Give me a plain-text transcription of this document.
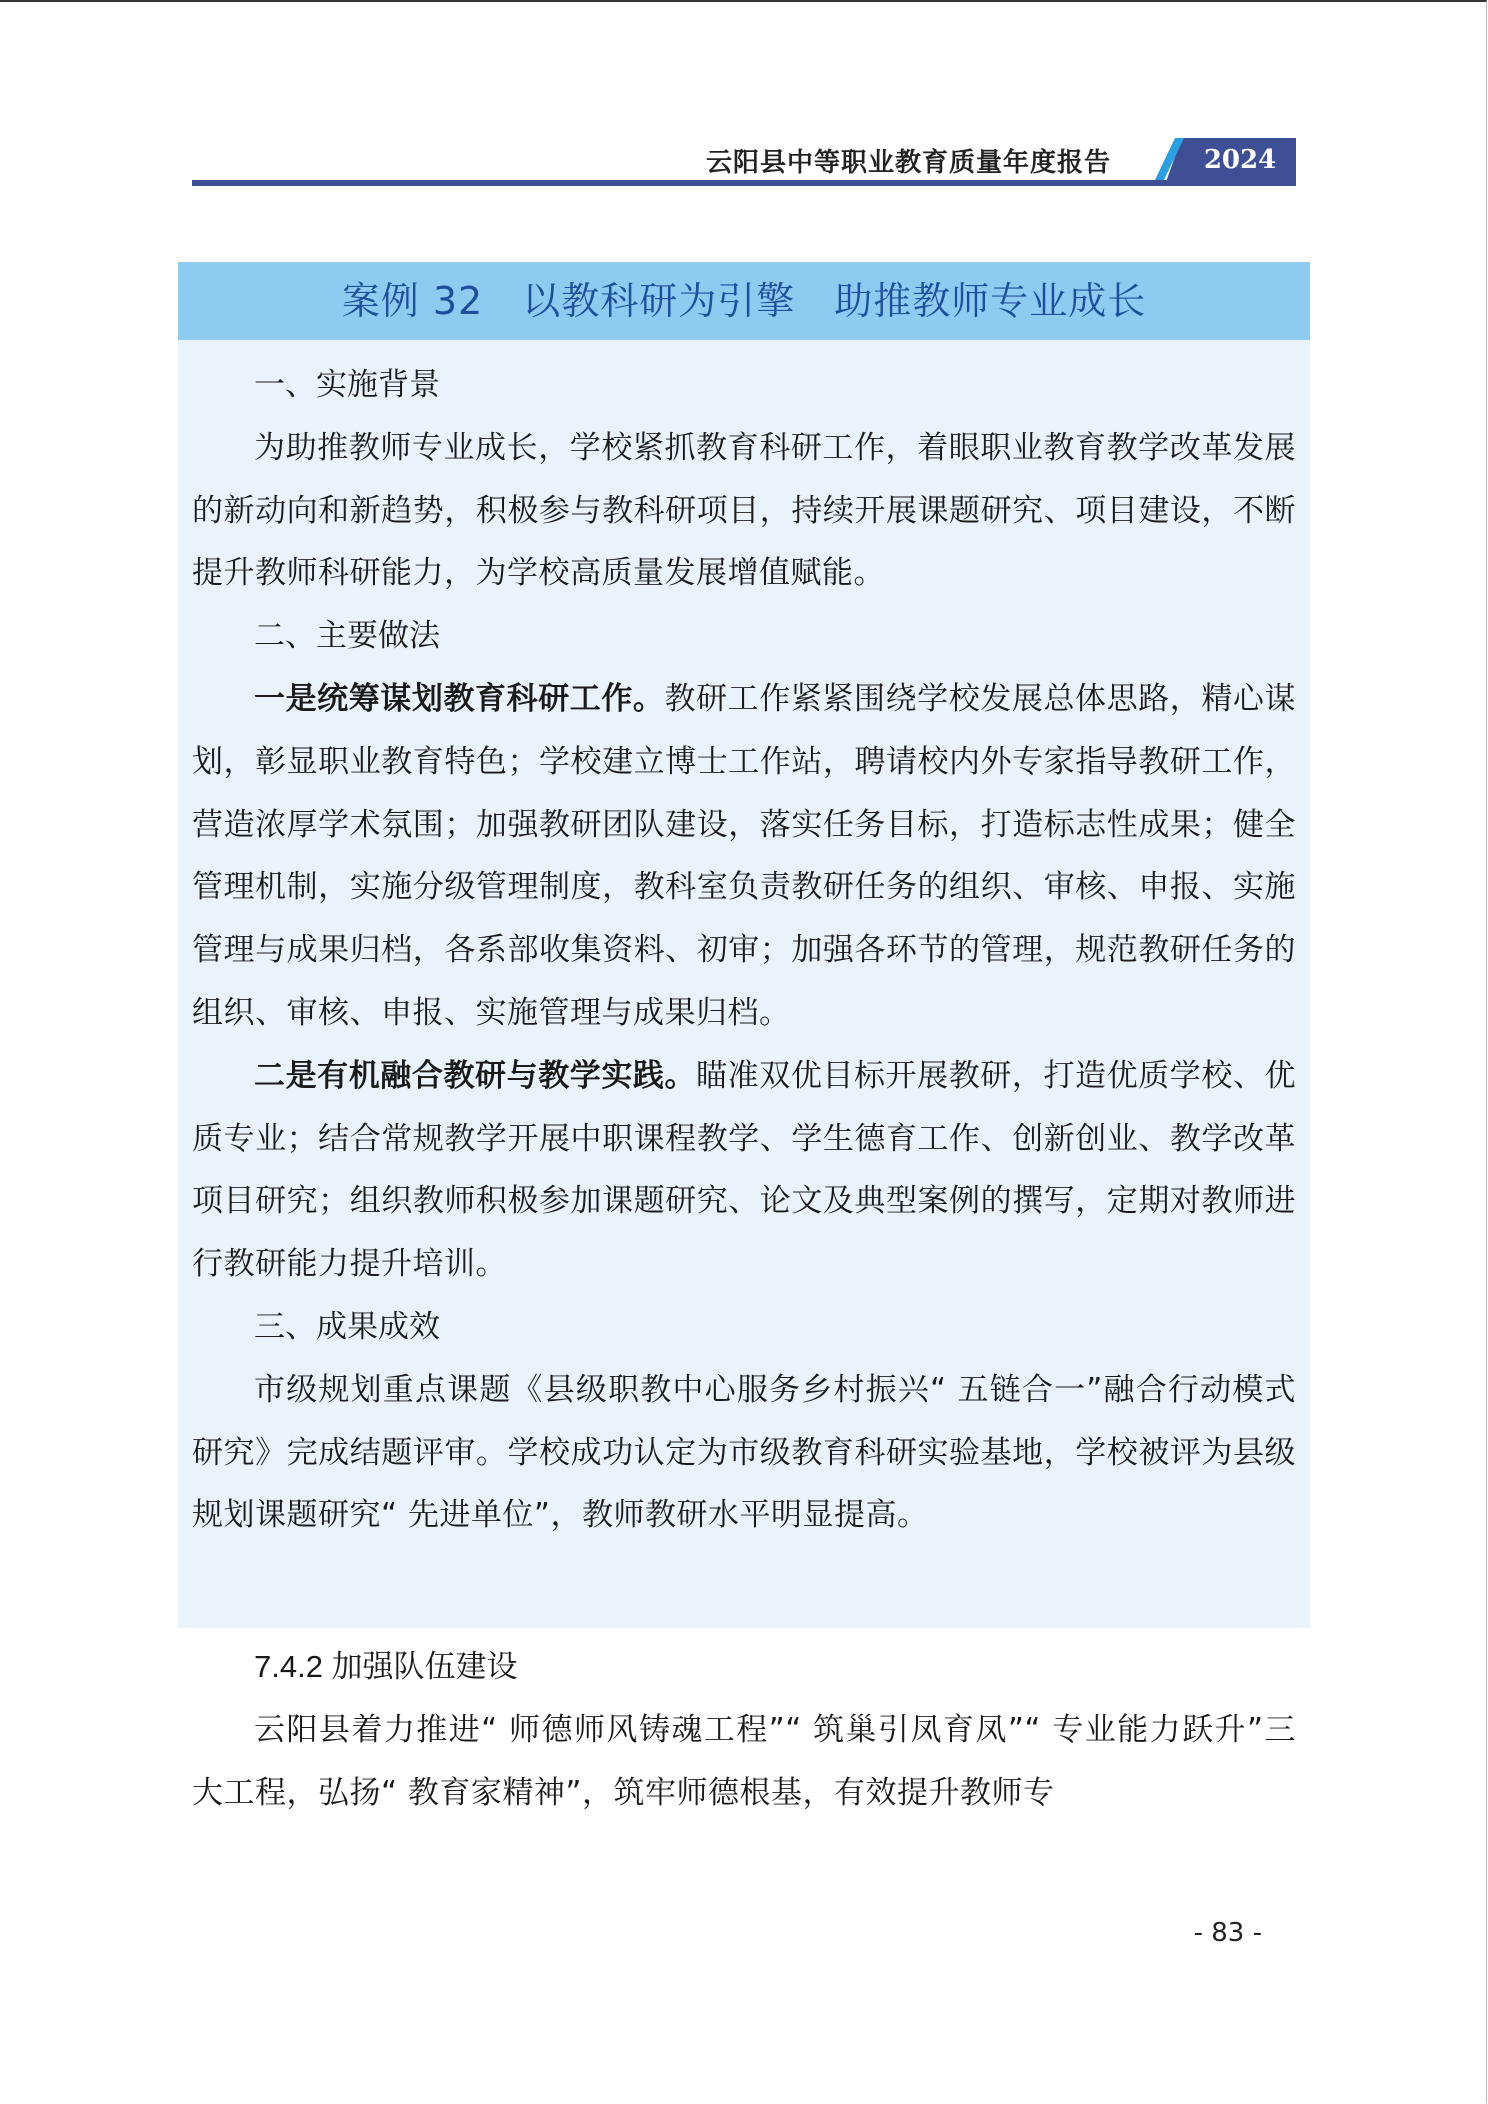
云阳县中等职业教育质量年度报告	2024
案例 32　以教科研为引擎　助推教师专业成长

一、实施背景

为助推教师专业成长，学校紧抓教育科研工作，着眼职业教育教学改革发展的新动向和新趋势，积极参与教科研项目，持续开展课题研究、项目建设，不断提升教师科研能力，为学校高质量发展增值赋能。

二、主要做法

一是统筹谋划教育科研工作。教研工作紧紧围绕学校发展总体思路，精心谋划，彰显职业教育特色；学校建立博士工作站，聘请校内外专家指导教研工作，营造浓厚学术氛围；加强教研团队建设，落实任务目标，打造标志性成果；健全管理机制，实施分级管理制度，教科室负责教研任务的组织、审核、申报、实施管理与成果归档，各系部收集资料、初审；加强各环节的管理，规范教研任务的组织、审核、申报、实施管理与成果归档。

二是有机融合教研与教学实践。瞄准双优目标开展教研，打造优质学校、优质专业；结合常规教学开展中职课程教学、学生德育工作、创新创业、教学改革项目研究；组织教师积极参加课题研究、论文及典型案例的撰写，定期对教师进行教研能力提升培训。

三、成果成效

市级规划重点课题《县级职教中心服务乡村振兴“ 五链合一”融合行动模式研究》完成结题评审。学校成功认定为市级教育科研实验基地，学校被评为县级规划课题研究“ 先进单位”，教师教研水平明显提高。

7.4.2 加强队伍建设

云阳县着力推进“ 师德师风铸魂工程”“ 筑巢引凤育凤”“ 专业能力跃升”三大工程，弘扬“ 教育家精神”，筑牢师德根基，有效提升教师专

- 83 -
